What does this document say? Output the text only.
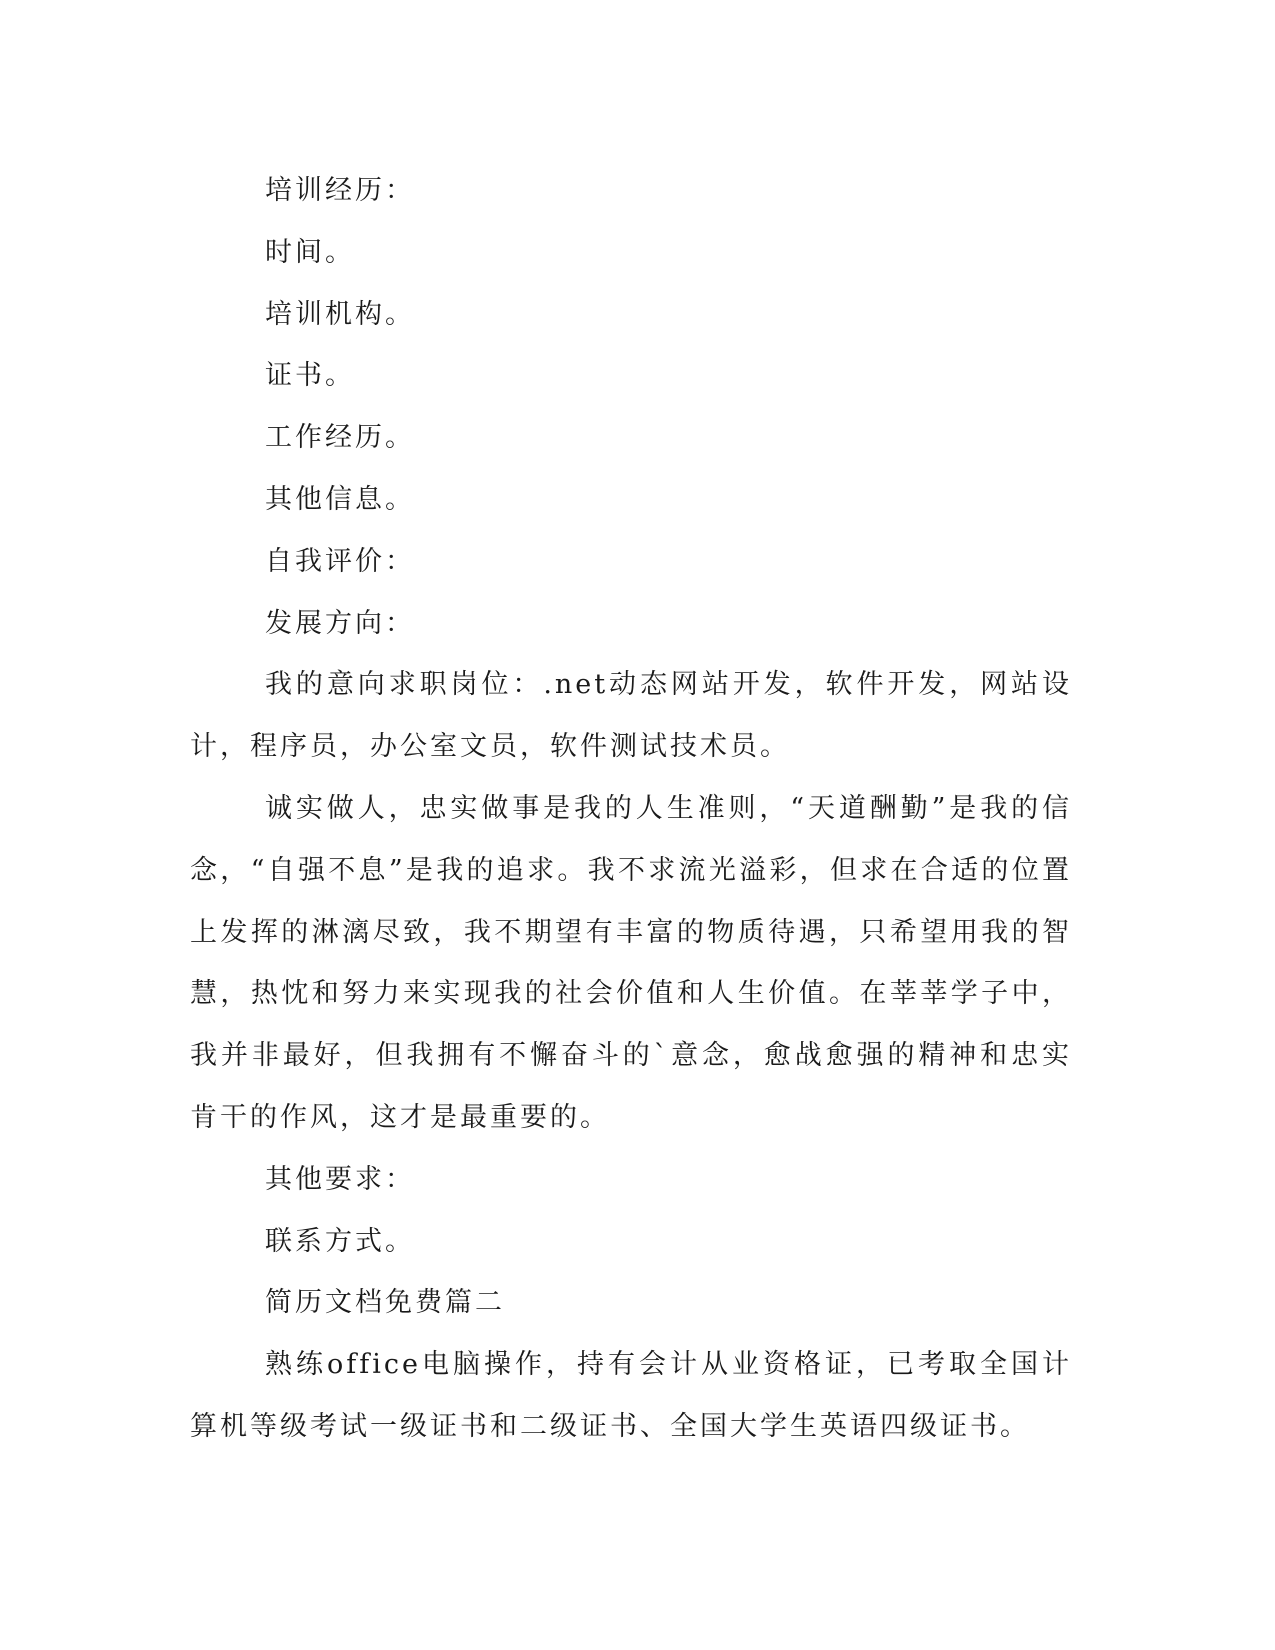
培训经历：

时间。

培训机构。

证书。

工作经历。

其他信息。

自我评价：

发展方向：

我的意向求职岗位：.net动态网站开发，软件开发，网站设计，程序员，办公室文员，软件测试技术员。

诚实做人，忠实做事是我的人生准则，“天道酬勤”是我的信念，“自强不息”是我的追求。我不求流光溢彩，但求在合适的位置上发挥的淋漓尽致，我不期望有丰富的物质待遇，只希望用我的智慧，热忱和努力来实现我的社会价值和人生价值。在莘莘学子中，我并非最好，但我拥有不懈奋斗的`意念，愈战愈强的精神和忠实肯干的作风，这才是最重要的。

其他要求：

联系方式。

简历文档免费篇二

熟练office电脑操作，持有会计从业资格证，已考取全国计算机等级考试一级证书和二级证书、全国大学生英语四级证书。
